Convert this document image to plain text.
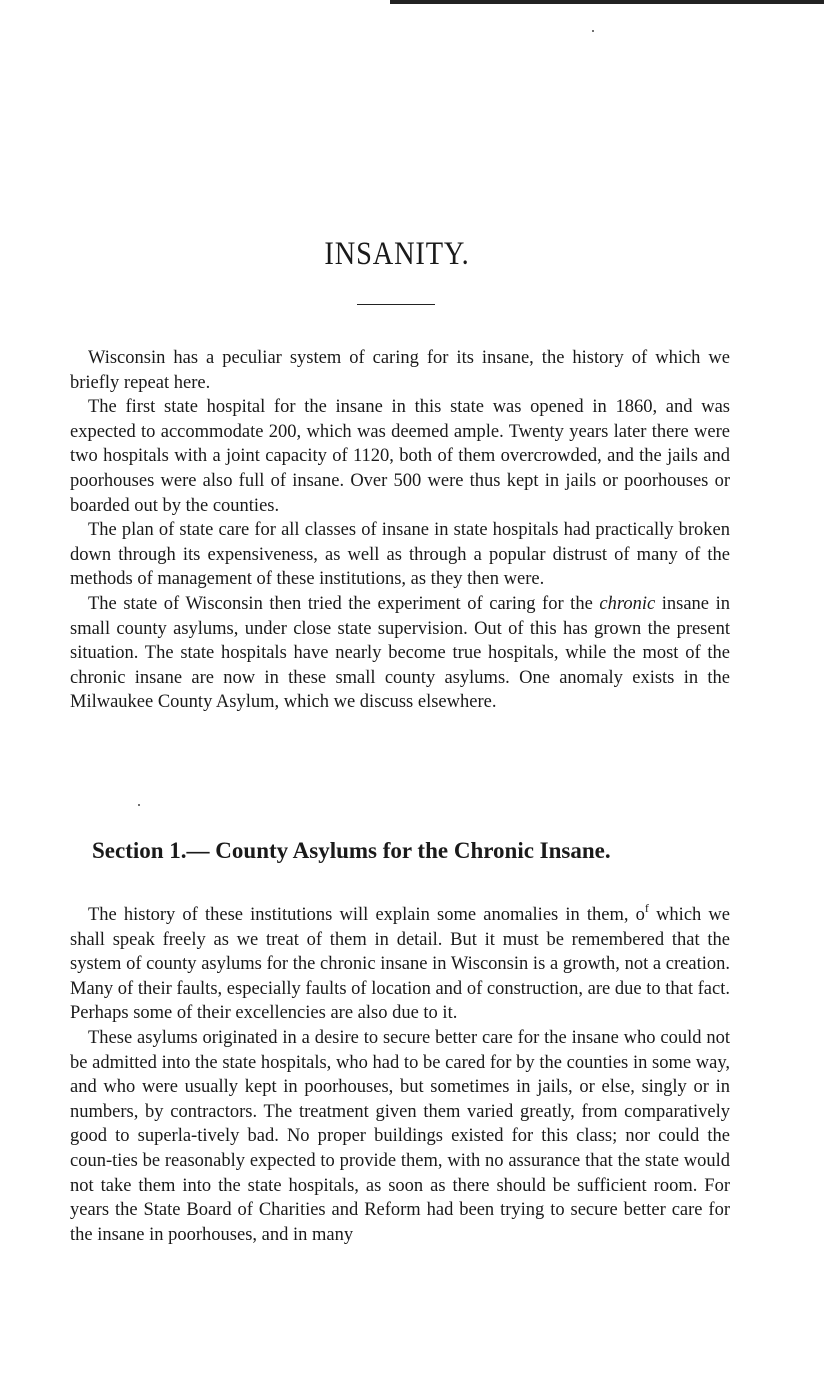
INSANITY.

Wisconsin has a peculiar system of caring for its insane, the history of which we briefly repeat here.

The first state hospital for the insane in this state was opened in 1860, and was expected to accommodate 200, which was deemed ample. Twenty years later there were two hospitals with a joint capacity of 1120, both of them overcrowded, and the jails and poorhouses were also full of insane. Over 500 were thus kept in jails or poorhouses or boarded out by the counties.

The plan of state care for all classes of insane in state hospitals had practically broken down through its expensiveness, as well as through a popular distrust of many of the methods of management of these institutions, as they then were.

The state of Wisconsin then tried the experiment of caring for the chronic insane in small county asylums, under close state supervision. Out of this has grown the present situation. The state hospitals have nearly become true hospitals, while the most of the chronic insane are now in these small county asylums. One anomaly exists in the Milwaukee County Asylum, which we discuss elsewhere.

Section 1.— County Asylums for the Chronic Insane.

The history of these institutions will explain some anomalies in them, $o^f$ which we shall speak freely as we treat of them in detail. But it must be remembered that the system of county asylums for the chronic insane in Wisconsin is a growth, not a creation. Many of their faults, especially faults of location and of construction, are due to that fact. Perhaps some of their excellencies are also due to it.

These asylums originated in a desire to secure better care for the insane who could not be admitted into the state hospitals, who had to be cared for by the counties in some way, and who were usually kept in poorhouses, but sometimes in jails, or else, singly or in numbers, by contractors. The treatment given them varied greatly, from comparatively good to superla-tively bad. No proper buildings existed for this class; nor could the coun-ties be reasonably expected to provide them, with no assurance that the state would not take them into the state hospitals, as soon as there should be sufficient room. For years the State Board of Charities and Reform had been trying to secure better care for the insane in poorhouses, and in many
